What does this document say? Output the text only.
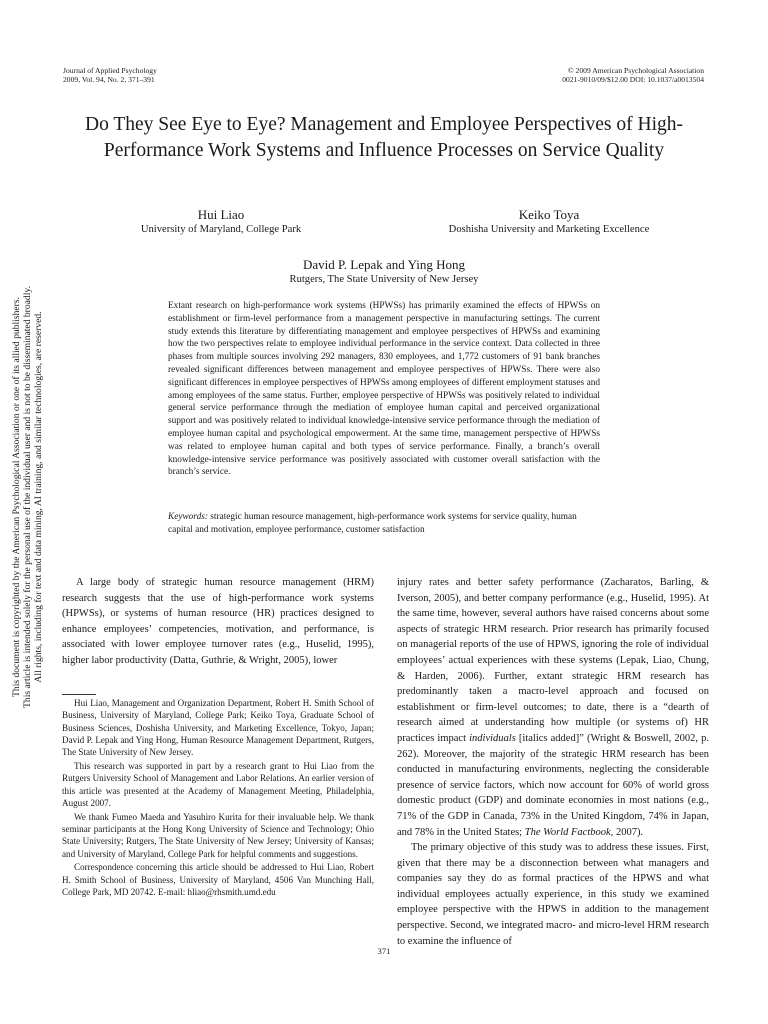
Journal of Applied Psychology
2009, Vol. 94, No. 2, 371–391
© 2009 American Psychological Association
0021-9010/09/$12.00 DOI: 10.1037/a0013504
This document is copyrighted by the American Psychological Association or one of its allied publishers. This article is intended solely for the personal use of the individual user and is not to be disseminated broadly. All rights, including for text and data mining, AI training, and similar technologies, are reserved.
Do They See Eye to Eye? Management and Employee Perspectives of High-Performance Work Systems and Influence Processes on Service Quality
Hui Liao
University of Maryland, College Park
Keiko Toya
Doshisha University and Marketing Excellence
David P. Lepak and Ying Hong
Rutgers, The State University of New Jersey

Extant research on high-performance work systems (HPWSs) has primarily examined the effects of HPWSs on establishment or firm-level performance from a management perspective in manufacturing settings. The current study extends this literature by differentiating management and employee perspectives of HPWSs and examining how the two perspectives relate to employee individual performance in the service context. Data collected in three phases from multiple sources involving 292 managers, 830 employees, and 1,772 customers of 91 bank branches revealed significant differences between management and employee perspectives of HPWSs. There were also significant differences in employee perspectives of HPWSs among employees of different employment statuses and among employees of the same status. Further, employee perspective of HPWSs was positively related to individual general service performance through the mediation of employee human capital and perceived organizational support and was positively related to individual knowledge-intensive service performance through the mediation of employee human capital and psychological empowerment. At the same time, management perspective of HPWSs was related to employee human capital and both types of service performance. Finally, a branch’s overall knowledge-intensive service performance was positively associated with customer overall satisfaction with the branch’s service.

Keywords: strategic human resource management, high-performance work systems for service quality, human capital and motivation, employee performance, customer satisfaction

A large body of strategic human resource management (HRM) research suggests that the use of high-performance work systems (HPWSs), or systems of human resource (HR) practices designed to enhance employees’ competencies, motivation, and performance, is associated with lower employee turnover rates (e.g., Huselid, 1995), higher labor productivity (Datta, Guthrie, & Wright, 2005), lower

Hui Liao, Management and Organization Department, Robert H. Smith School of Business, University of Maryland, College Park; Keiko Toya, Graduate School of Business Sciences, Doshisha University, and Marketing Excellence, Tokyo, Japan; David P. Lepak and Ying Hong, Human Resource Management Department, Rutgers, The State University of New Jersey.

This research was supported in part by a research grant to Hui Liao from the Rutgers University School of Management and Labor Relations. An earlier version of this article was presented at the Academy of Management Meeting, Philadelphia, August 2007.

We thank Fumeo Maeda and Yasuhiro Kurita for their invaluable help. We thank seminar participants at the Hong Kong University of Science and Technology; Ohio State University; Rutgers, The State University of New Jersey; University of Kansas; and University of Maryland, College Park for helpful comments and suggestions.

Correspondence concerning this article should be addressed to Hui Liao, Robert H. Smith School of Business, University of Maryland, 4506 Van Munching Hall, College Park, MD 20742. E-mail: hliao@rhsmith.umd.edu

injury rates and better safety performance (Zacharatos, Barling, & Iverson, 2005), and better company performance (e.g., Huselid, 1995). At the same time, however, several authors have raised concerns about some aspects of strategic HRM research. Prior research has primarily focused on managerial reports of the use of HPWS, ignoring the role of individual employees’ actual experiences with these systems (Lepak, Liao, Chung, & Harden, 2006). Further, extant strategic HRM research has predominantly taken a macro-level approach and focused on establishment or firm-level outcomes; to date, there is a “dearth of research aimed at understanding how multiple (or systems of) HR practices impact individuals [italics added]” (Wright & Boswell, 2002, p. 262). Moreover, the majority of the strategic HRM research has been conducted in manufacturing environments, neglecting the considerable presence of service factors, which now account for 60% of world gross domestic product (GDP) and dominate economies in most nations (e.g., 71% of the GDP in Canada, 73% in the United Kingdom, 74% in Japan, and 78% in the United States; The World Factbook, 2007).

The primary objective of this study was to address these issues. First, given that there may be a disconnection between what managers and companies say they do as formal practices of the HPWS and what individual employees actually experience, in this study we examined employee perspective with the HPWS in addition to the management perspective. Second, we integrated macro- and micro-level HRM research to examine the influence of

371
